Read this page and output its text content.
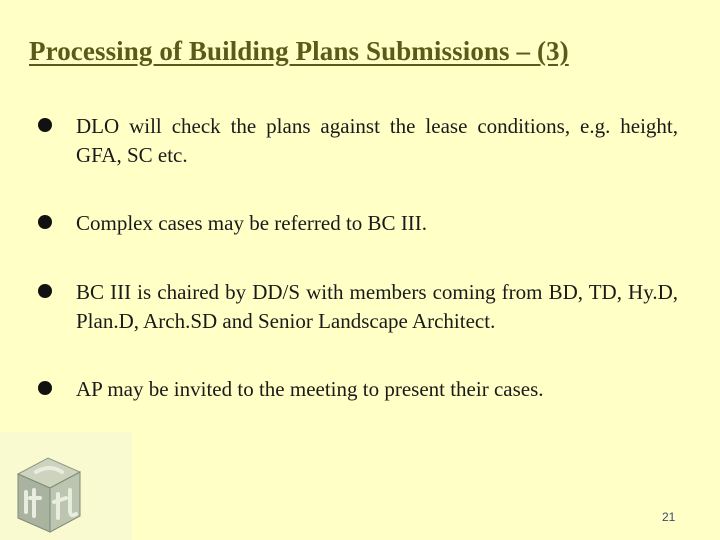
Processing of Building Plans Submissions – (3)
DLO will check the plans against the lease conditions, e.g. height, GFA, SC etc.
Complex cases may be referred to BC III.
BC III is chaired by DD/S with members coming from BD, TD, Hy.D, Plan.D, Arch.SD and Senior Landscape Architect.
AP may be invited to the meeting to present their cases.
21
